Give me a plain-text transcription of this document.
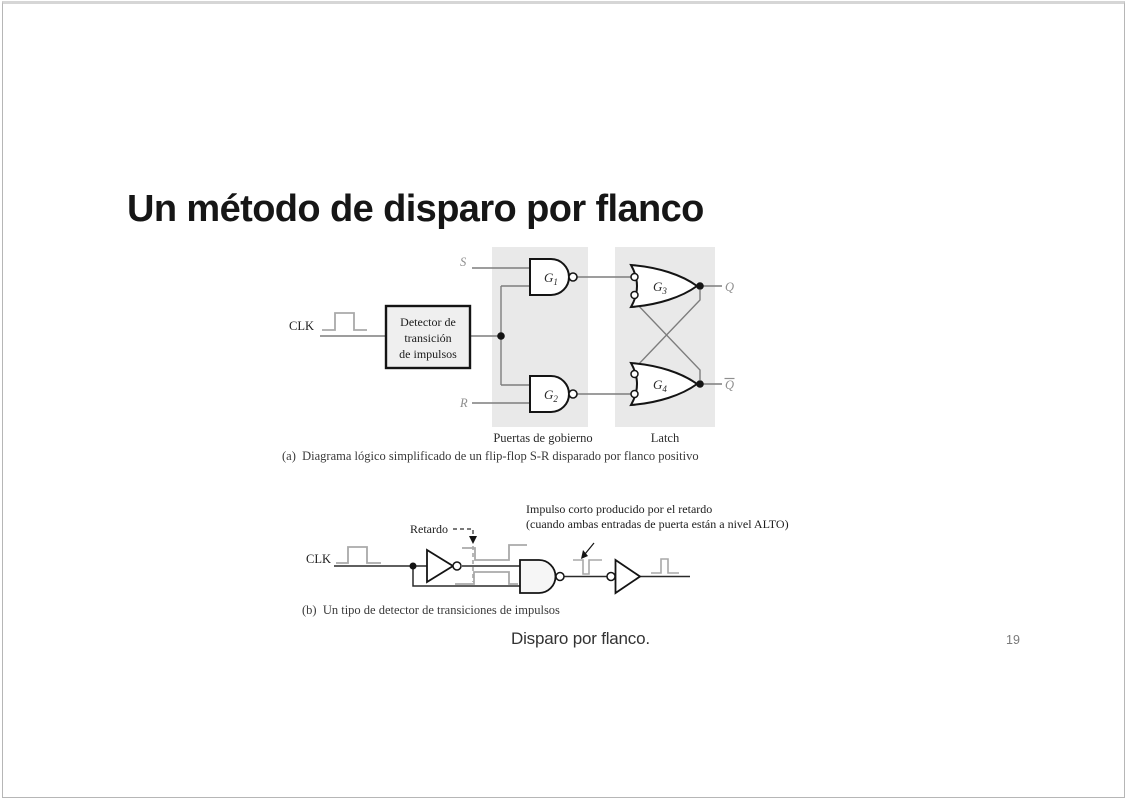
Un método de disparo por flanco
CLK	Detector de
transición
de impulsos
S
R
$G_1$
$G_2$
$G_3$
$G_4$
Q
Q
Puertas de gobierno	Latch
CLK
Retardo
Impulso corto producido por el retardo
(cuando ambas entradas de puerta están a nivel ALTO)
(a)  Diagrama lógico simplificado de un flip-flop S-R disparado por flanco positivo
(b)  Un tipo de detector de transiciones de impulsos
Disparo por flanco.	19
